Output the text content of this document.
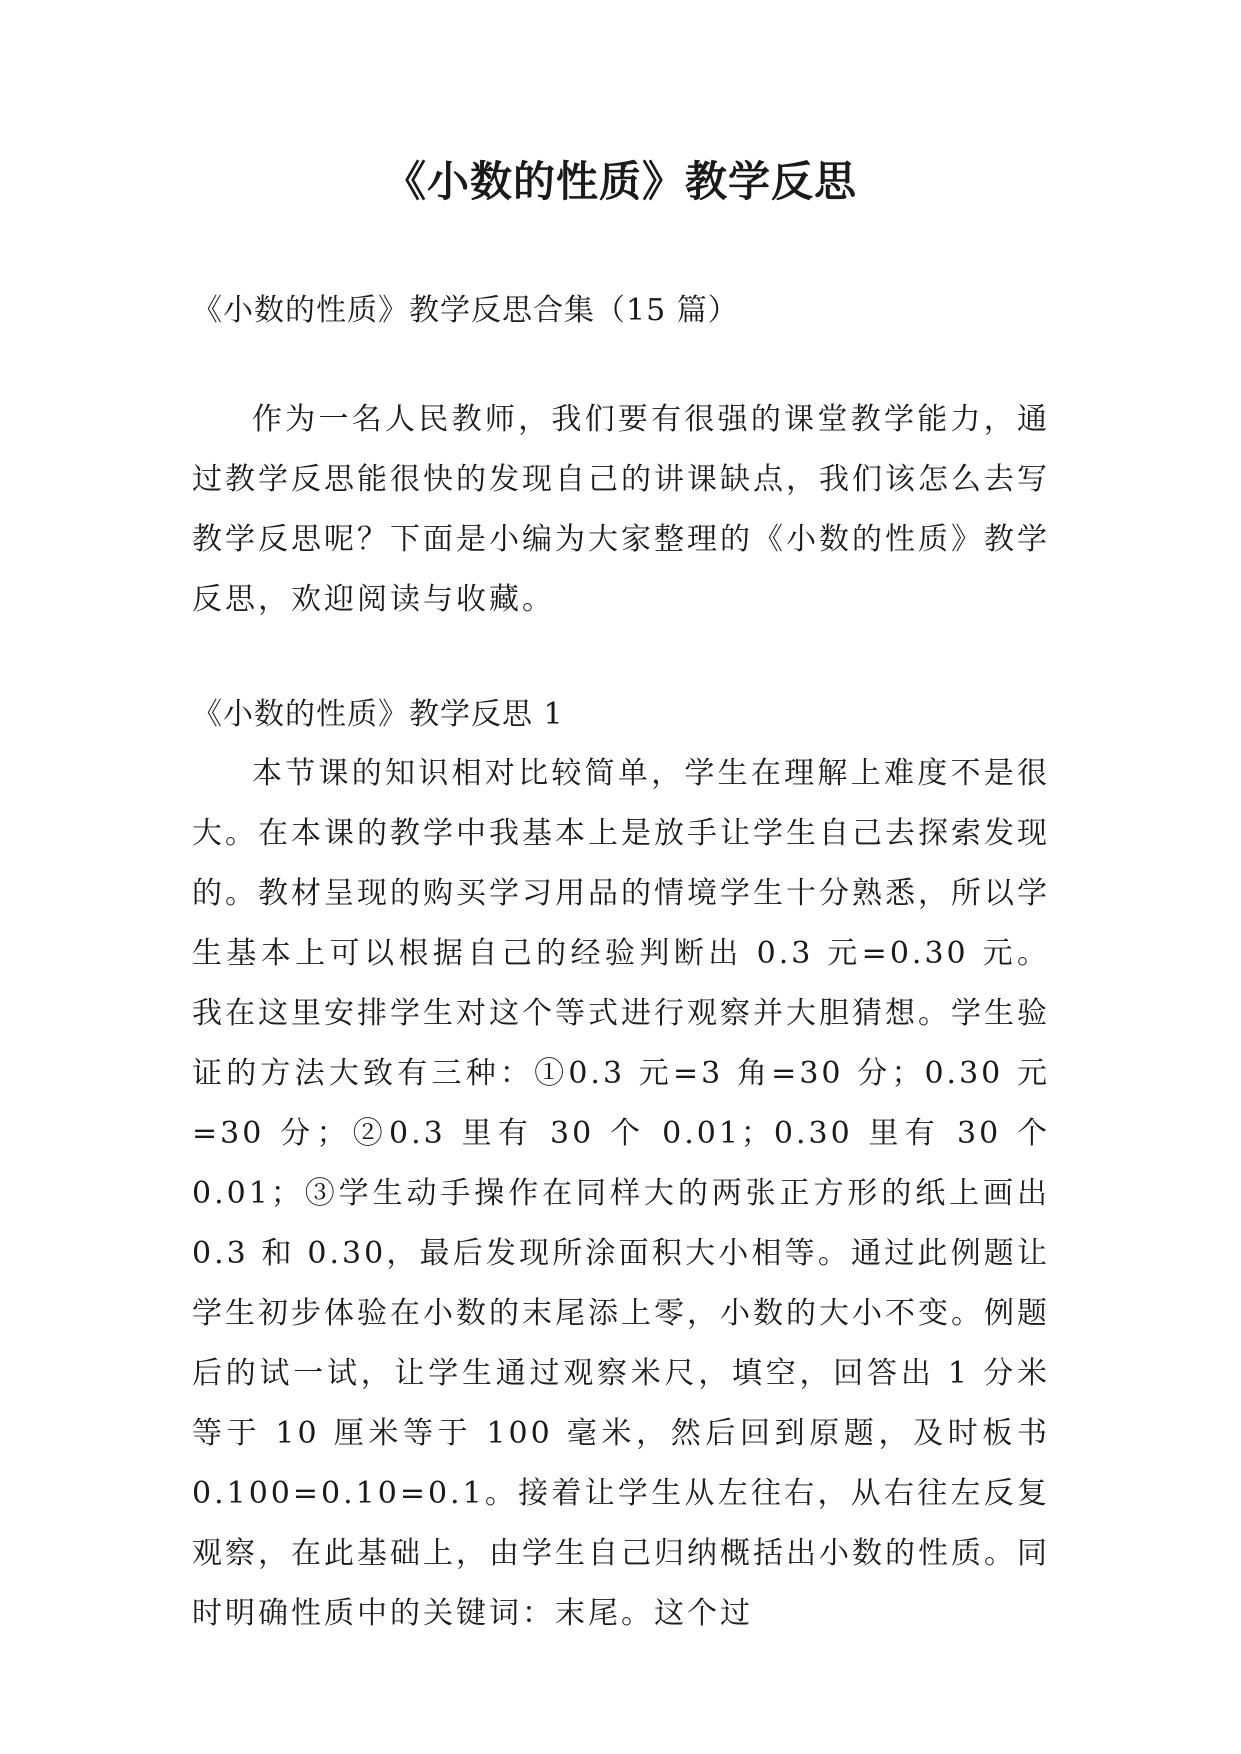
《小数的性质》教学反思

《小数的性质》教学反思合集（15 篇）

作为一名人民教师，我们要有很强的课堂教学能力，通过教学反思能很快的发现自己的讲课缺点，我们该怎么去写教学反思呢？下面是小编为大家整理的《小数的性质》教学反思，欢迎阅读与收藏。

《小数的性质》教学反思 1

本节课的知识相对比较简单，学生在理解上难度不是很大。在本课的教学中我基本上是放手让学生自己去探索发现的。教材呈现的购买学习用品的情境学生十分熟悉，所以学生基本上可以根据自己的经验判断出 0.3 元=0.30 元。我在这里安排学生对这个等式进行观察并大胆猜想。学生验证的方法大致有三种：①0.3 元=3 角=30 分；0.30 元=30 分；②0.3 里有 30 个 0.01；0.30 里有 30 个 0.01；③学生动手操作在同样大的两张正方形的纸上画出 0.3 和 0.30，最后发现所涂面积大小相等。通过此例题让学生初步体验在小数的末尾添上零，小数的大小不变。例题后的试一试，让学生通过观察米尺，填空，回答出 1 分米等于 10 厘米等于 100 毫米，然后回到原题，及时板书 0.100=0.10=0.1。接着让学生从左往右，从右往左反复观察，在此基础上，由学生自己归纳概括出小数的性质。同时明确性质中的关键词：末尾。这个过
